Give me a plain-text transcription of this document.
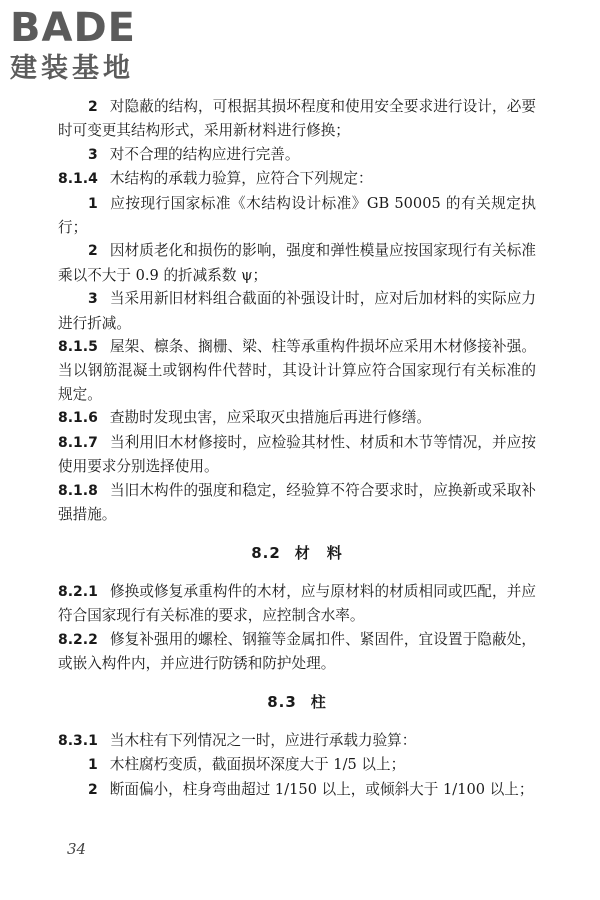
BADE
建装基地

2 对隐蔽的结构，可根据其损坏程度和使用安全要求进行设计，必要时可变更其结构形式，采用新材料进行修换；

3 对不合理的结构应进行完善。

8.1.4 木结构的承载力验算，应符合下列规定：

1 应按现行国家标准《木结构设计标准》GB 50005 的有关规定执行；

2 因材质老化和损伤的影响，强度和弹性模量应按国家现行有关标准乘以不大于 0.9 的折减系数 ψ；

3 当采用新旧材料组合截面的补强设计时，应对后加材料的实际应力进行折减。

8.1.5 屋架、檩条、搁栅、梁、柱等承重构件损坏应采用木材修接补强。当以钢筋混凝土或钢构件代替时，其设计计算应符合国家现行有关标准的规定。

8.1.6 查勘时发现虫害，应采取灭虫措施后再进行修缮。

8.1.7 当利用旧木材修接时，应检验其材性、材质和木节等情况，并应按使用要求分别选择使用。

8.1.8 当旧木构件的强度和稳定，经验算不符合要求时，应换新或采取补强措施。

8.2 材　料

8.2.1 修换或修复承重构件的木材，应与原材料的材质相同或匹配，并应符合国家现行有关标准的要求，应控制含水率。

8.2.2 修复补强用的螺栓、钢箍等金属扣件、紧固件，宜设置于隐蔽处，或嵌入构件内，并应进行防锈和防护处理。

8.3 柱

8.3.1 当木柱有下列情况之一时，应进行承载力验算：

1 木柱腐朽变质，截面损坏深度大于 1/5 以上；

2 断面偏小，柱身弯曲超过 1/150 以上，或倾斜大于 1/100 以上；

34
